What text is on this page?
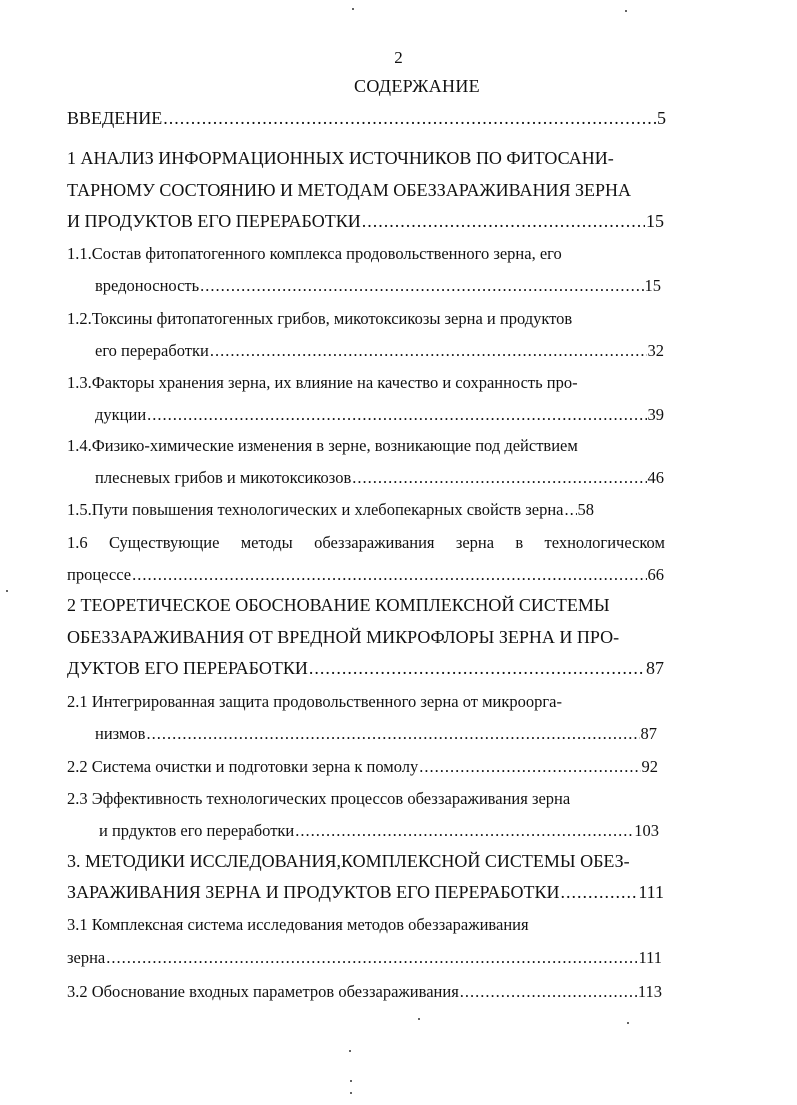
2
СОДЕРЖАНИЕ
ВВЕДЕНИЕ .....	5
1 АНАЛИЗ ИНФОРМАЦИОННЫХ ИСТОЧНИКОВ ПО ФИТОСАНИ-
ТАРНОМУ СОСТОЯНИЮ И МЕТОДАМ ОБЕЗЗАРАЖИВАНИЯ ЗЕРНА
И ПРОДУКТОВ ЕГО ПЕРЕРАБОТКИ .....	15
1.1.Состав фитопатогенного комплекса продовольственного зерна, его
вредоносность .....	15
1.2.Токсины фитопатогенных грибов, микотоксикозы зерна и продуктов
его переработки .....	32
1.3.Факторы хранения зерна, их влияние на качество и сохранность про-
дукции .....	39
1.4.Физико-химические изменения в зерне, возникающие под действием
плесневых грибов и микотоксикозов .....	46
1.5.Пути повышения технологических и хлебопекарных свойств зерна ..... 58
1.6 Существующие методы обеззараживания зерна в технологическом
процессе .....	66
2 ТЕОРЕТИЧЕСКОЕ ОБОСНОВАНИЕ КОМПЛЕКСНОЙ СИСТЕМЫ
ОБЕЗЗАРАЖИВАНИЯ ОТ ВРЕДНОЙ МИКРОФЛОРЫ ЗЕРНА И ПРО-
ДУКТОВ ЕГО ПЕРЕРАБОТКИ .....	87
2.1 Интегрированная защита продовольственного зерна от микроорга-
низмов .....	87
2.2 Система очистки и подготовки зерна к помолу .....	92
2.3 Эффективность технологических процессов обеззараживания зерна
и прдуктов его переработки .....	103
3. МЕТОДИКИ ИССЛЕДОВАНИЯ,КОМПЛЕКСНОЙ СИСТЕМЫ ОБЕЗ-
ЗАРАЖИВАНИЯ ЗЕРНА И ПРОДУКТОВ ЕГО ПЕРЕРАБОТКИ .....	111
3.1 Комплексная система исследования методов обеззараживания
зерна .....	111
3.2 Обоснование входных параметров обеззараживания .....	113
